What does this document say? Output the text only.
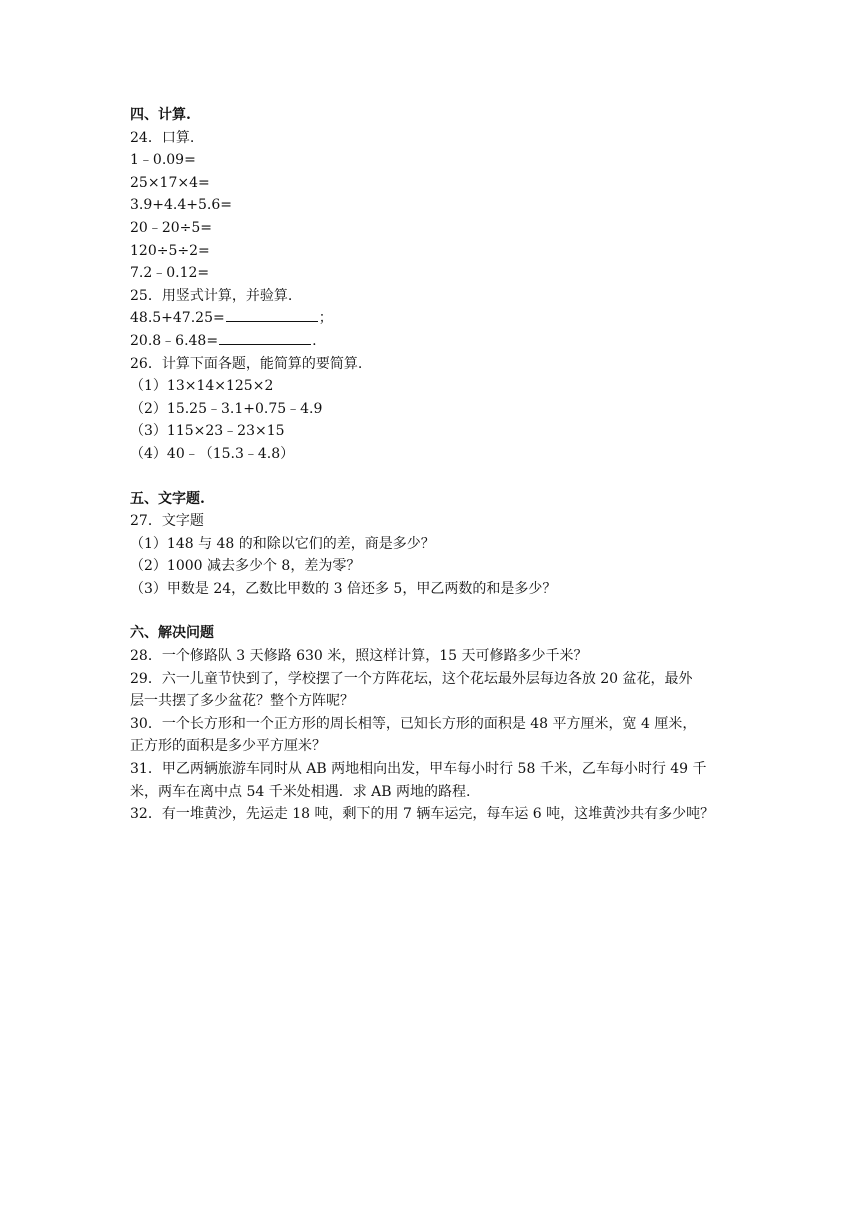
四、计算.
24．口算.
1﹣0.09=
25×17×4=
3.9+4.4+5.6=
20﹣20÷5=
120÷5÷2=
7.2﹣0.12=
25．用竖式计算，并验算.
48.5+47.25=	；
20.8﹣6.48=	.
26．计算下面各题，能简算的要简算.
（1）13×14×125×2
（2）15.25﹣3.1+0.75﹣4.9
（3）115×23﹣23×15
（4）40﹣（15.3﹣4.8）
五、文字题.
27．文字题
（1）148 与 48 的和除以它们的差，商是多少？
（2）1000 减去多少个 8，差为零？
（3）甲数是 24，乙数比甲数的 3 倍还多 5，甲乙两数的和是多少？
六、解决问题
28．一个修路队 3 天修路 630 米，照这样计算，15 天可修路多少千米？
29．六一儿童节快到了，学校摆了一个方阵花坛，这个花坛最外层每边各放 20 盆花，最外
层一共摆了多少盆花？整个方阵呢？
30．一个长方形和一个正方形的周长相等，已知长方形的面积是 48 平方厘米，宽 4 厘米，
正方形的面积是多少平方厘米？
31．甲乙两辆旅游车同时从 AB 两地相向出发，甲车每小时行 58 千米，乙车每小时行 49 千
米，两车在离中点 54 千米处相遇．求 AB 两地的路程.
32．有一堆黄沙，先运走 18 吨，剩下的用 7 辆车运完，每车运 6 吨，这堆黄沙共有多少吨？
